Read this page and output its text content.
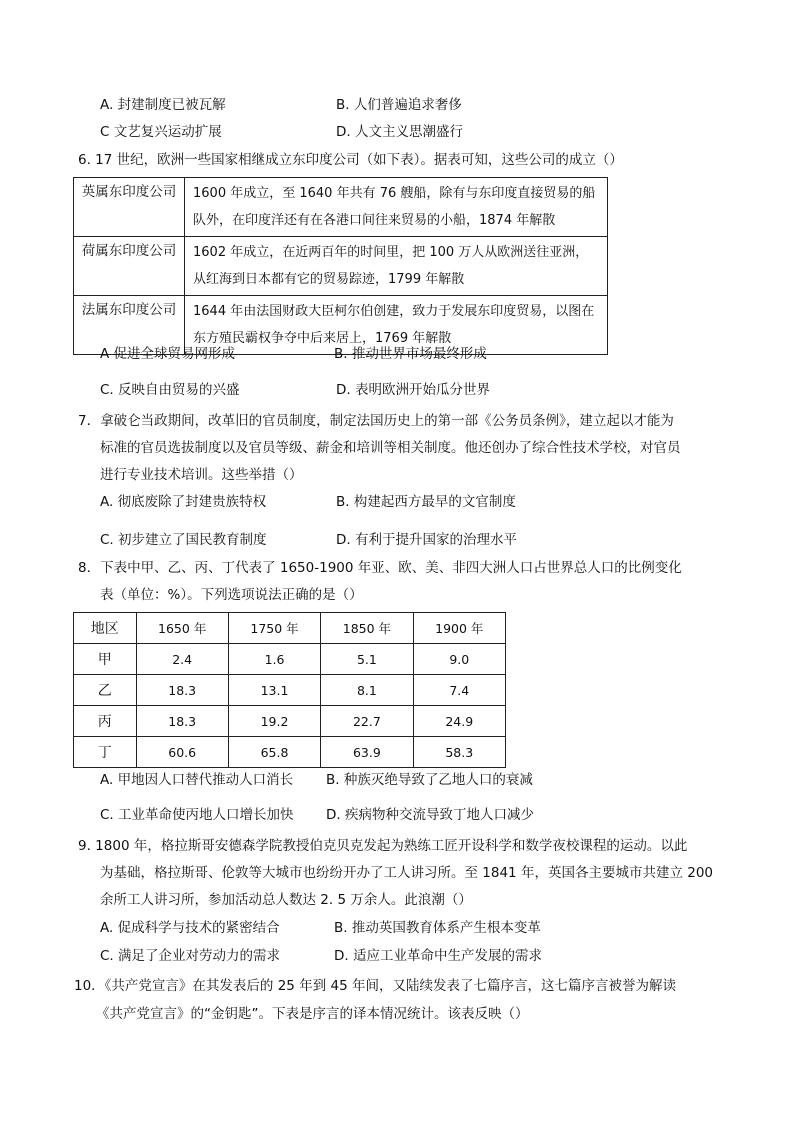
A. 封建制度已被瓦解	B. 人们普遍追求奢侈
C 文艺复兴运动扩展	D. 人文主义思潮盛行
6. 17 世纪，欧洲一些国家相继成立东印度公司（如下表）。据表可知，这些公司的成立（）
英属东印度公司	1600 年成立，至 1640 年共有 76 艘船，除有与东印度直接贸易的船队外，在印度洋还有在各港口间往来贸易的小船，1874 年解散
荷属东印度公司	1602 年成立，在近两百年的时间里，把 100 万人从欧洲送往亚洲，从红海到日本都有它的贸易踪迹，1799 年解散
法属东印度公司	1644 年由法国财政大臣柯尔伯创建，致力于发展东印度贸易，以图在东方殖民霸权争夺中后来居上，1769 年解散
A 促进全球贸易网形成	B. 推动世界市场最终形成
C. 反映自由贸易的兴盛	D. 表明欧洲开始瓜分世界
7．拿破仑当政期间，改革旧的官员制度，制定法国历史上的第一部《公务员条例》，建立起以才能为
标准的官员选拔制度以及官员等级、薪金和培训等相关制度。他还创办了综合性技术学校，对官员
进行专业技术培训。这些举措（）
A. 彻底废除了封建贵族特权	B. 构建起西方最早的文官制度
C. 初步建立了国民教育制度	D. 有利于提升国家的治理水平
8．下表中甲、乙、丙、丁代表了 1650-1900 年亚、欧、美、非四大洲人口占世界总人口的比例变化
表（单位：%）。下列选项说法正确的是（）
地区	1650 年	1750 年	1850 年	1900 年
甲	2.4	1.6	5.1	9.0
乙	18.3	13.1	8.1	7.4
丙	18.3	19.2	22.7	24.9
丁	60.6	65.8	63.9	58.3
A. 甲地因人口替代推动人口消长 B. 种族灭绝导致了乙地人口的衰减
C. 工业革命使丙地人口增长加快 D. 疾病物种交流导致丁地人口减少
9. 1800 年，格拉斯哥安德森学院教授伯克贝克发起为熟练工匠开设科学和数学夜校课程的运动。以此
为基础，格拉斯哥、伦敦等大城市也纷纷开办了工人讲习所。至 1841 年，英国各主要城市共建立 200
余所工人讲习所，参加活动总人数达 2. 5 万余人。此浪潮（）
A. 促成科学与技术的紧密结合	B. 推动英国教育体系产生根本变革
C. 满足了企业对劳动力的需求	D. 适应工业革命中生产发展的需求
10．《共产党宣言》在其发表后的 25 年到 45 年间，又陆续发表了七篇序言，这七篇序言被誉为解读
《共产党宣言》的“金钥匙”。下表是序言的译本情况统计。该表反映（）
